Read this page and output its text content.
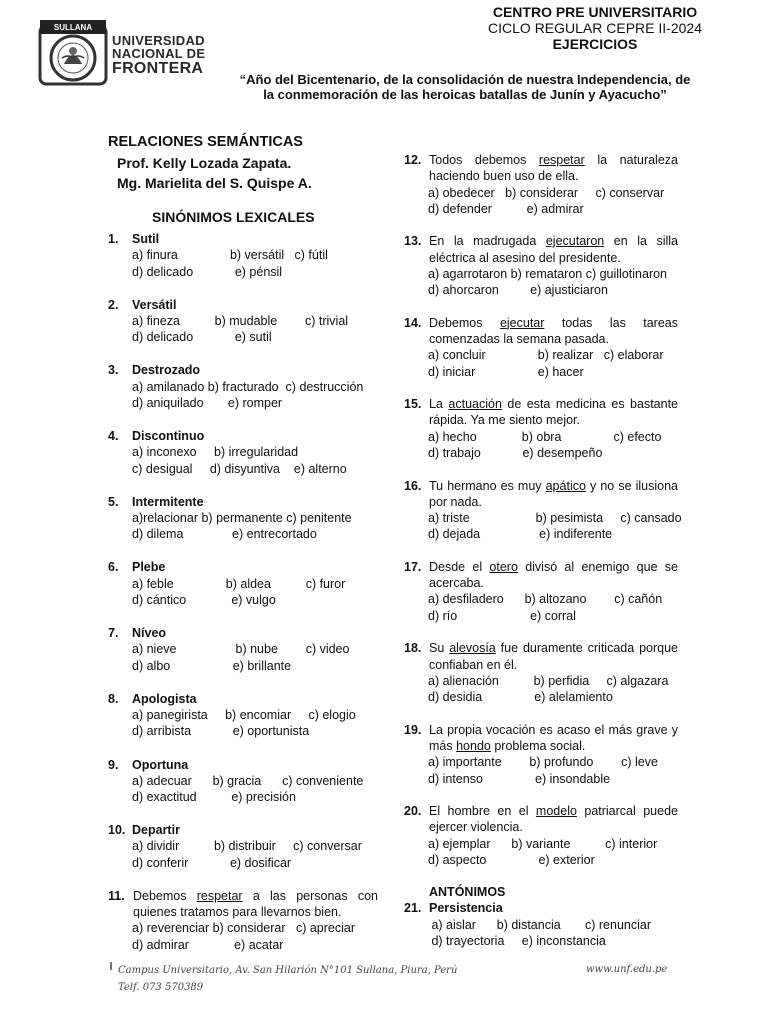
SULLANA
UNIVERSIDAD
NACIONAL DE
FRONTERA
CENTRO PRE UNIVERSITARIO
CICLO REGULAR CEPRE II-2024
EJERCICIOS
“Año del Bicentenario, de la consolidación de nuestra Independencia, de
la conmemoración de las heroicas batallas de Junín y Ayacucho”
RELACIONES SEMÁNTICAS
Prof. Kelly Lozada Zapata.
Mg. Marielita del S. Quispe A.
SINÓNIMOS LEXICALES
1. Sutil
a) finura               b) versátil   c) fútil
d) delicado            e) pénsil
2. Versátil
a) fineza          b) mudable        c) trivial
d) delicado            e) sutil
3. Destrozado
a) amilanado b) fracturado  c) destrucción
d) aniquilado       e) romper
4. Discontinuo
a) inconexo     b) irregularidad
c) desigual     d) disyuntiva    e) alterno
5. Intermitente
a)relacionar b) permanente c) penitente
d) dilema              e) entrecortado
6. Plebe
a) feble               b) aldea          c) furor
d) cántico             e) vulgo
7. Níveo
a) nieve                 b) nube        c) video
d) albo                  e) brillante
8. Apologista
a) panegirista     b) encomiar     c) elogio
d) arribista            e) oportunista
9. Oportuna
a) adecuar      b) gracia      c) conveniente
d) exactitud          e) precisión
10. Departir
a) dividir          b) distribuir     c) conversar
d) conferir            e) dosificar
11. Debemos respetar a las personas con quienes tratamos para llevarnos bien.
a) reverenciar b) considerar   c) apreciar
d) admirar             e) acatar
12. Todos debemos respetar la naturaleza haciendo buen uso de ella.
a) obedecer   b) considerar     c) conservar
d) defender          e) admirar
13. En la madrugada ejecutaron en la silla eléctrica al asesino del presidente.
a) agarrotaron b) remataron c) guillotinaron
d) ahorcaron         e) ajusticiaron
14. Debemos ejecutar todas las tareas comenzadas la semana pasada.
a) concluir               b) realizar   c) elaborar
d) iniciar                  e) hacer
15. La actuación de esta medicina es bastante rápida. Ya me siento mejor.
a) hecho             b) obra               c) efecto
d) trabajo            e) desempeño
16. Tu hermano es muy apático y no se ilusiona por nada.
a) triste                   b) pesimista     c) cansado
d) dejada                 e) indiferente
17. Desde el otero divisó al enemigo que se acercaba.
a) desfiladero      b) altozano        c) cañón
d) río                     e) corral
18. Su alevosía fue duramente criticada porque confiaban en él.
a) alienación          b) perfidia     c) algazara
d) desidia               e) alelamiento
19. La propia vocación es acaso el más grave y más hondo problema social.
a) importante        b) profundo        c) leve
d) intenso               e) insondable
20. El hombre en el modelo patriarcal puede ejercer violencia.
a) ejemplar      b) variante          c) interior
d) aspecto               e) exterior
ANTÓNIMOS
21. Persistencia
a) aislar      b) distancia       c) renunciar
d) trayectoria     e) inconstancia
Campus Universitario, Av. San Hilarión N°101 Sullana, Piura, Perú
Telf. 073 570389
www.unf.edu.pe
